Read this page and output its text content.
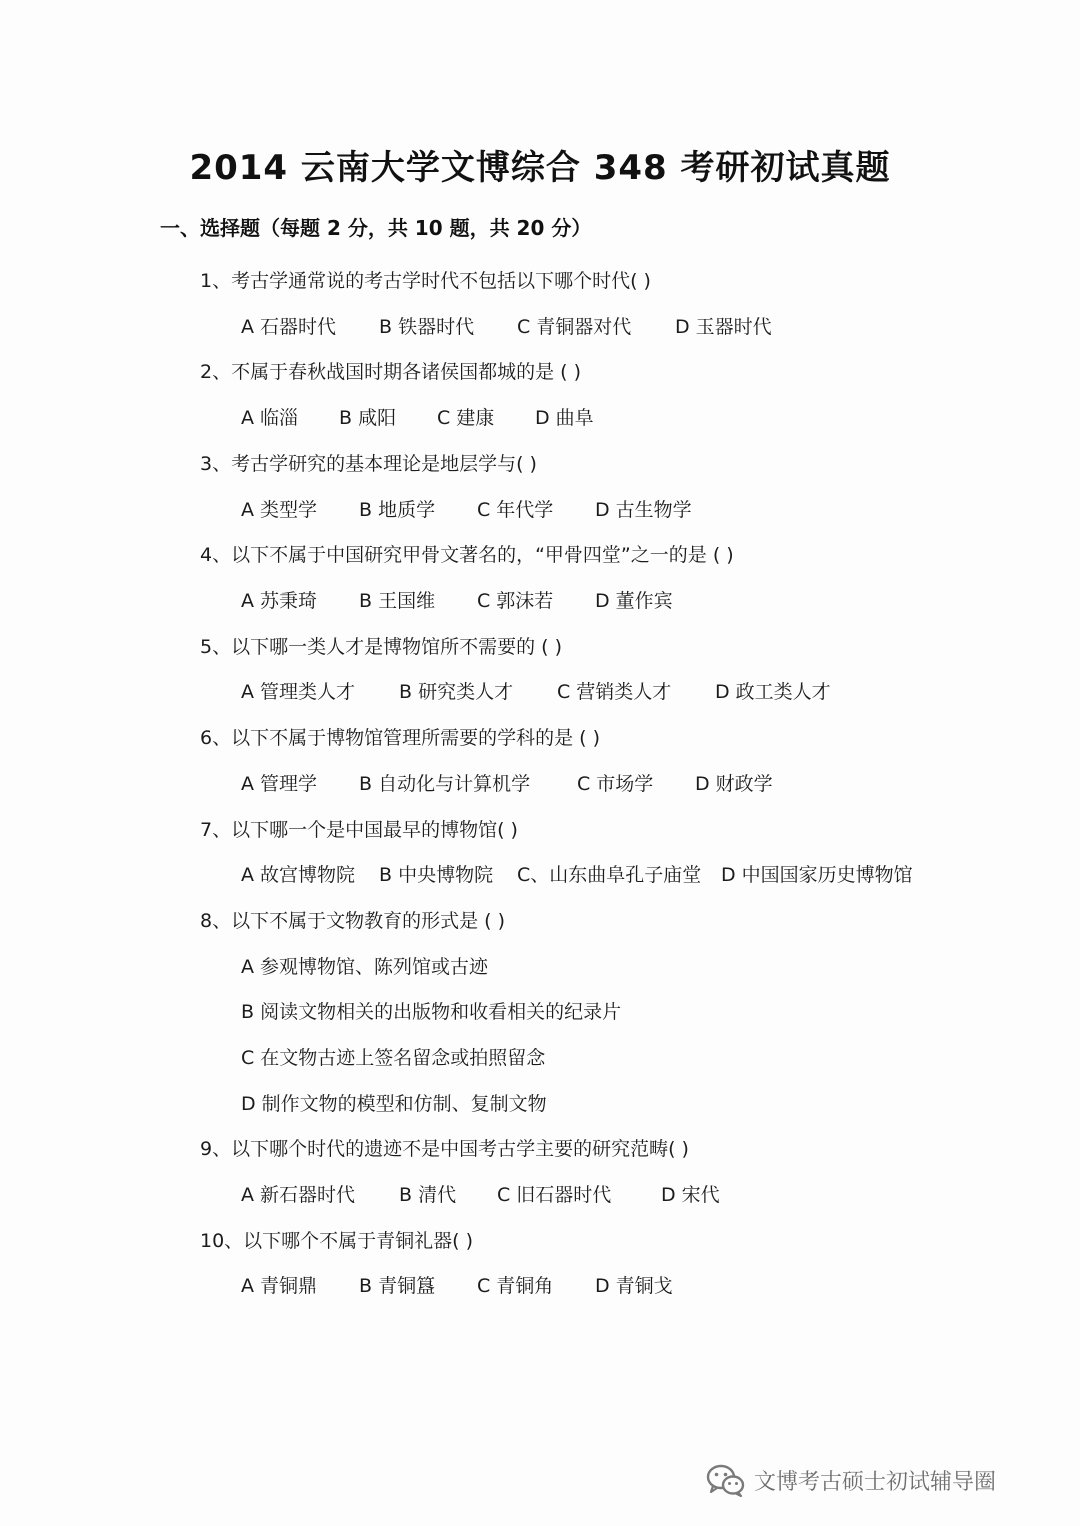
2014 云南大学文博综合 348 考研初试真题
一、选择题（每题 2 分，共 10 题，共 20 分）
1、考古学通常说的考古学时代不包括以下哪个时代( )
A 石器时代 B 铁器时代 C 青铜器对代 D 玉器时代
2、不属于春秋战国时期各诸侯国都城的是 ( )
A 临淄 B 咸阳 C 建康 D 曲阜
3、考古学研究的基本理论是地层学与( )
A 类型学 B 地质学 C 年代学 D 古生物学
4、以下不属于中国研究甲骨文著名的，“甲骨四堂”之一的是 ( )
A 苏秉琦 B 王国维 C 郭沫若 D 董作宾
5、以下哪一类人才是博物馆所不需要的 ( )
A 管理类人才 B 研究类人才 C 营销类人才 D 政工类人才
6、以下不属于博物馆管理所需要的学科的是 ( )
A 管理学 B 自动化与计算机学 C 市场学 D 财政学
7、以下哪一个是中国最早的博物馆( )
A 故宫博物院 B 中央博物院 C、山东曲阜孔子庙堂 D 中国国家历史博物馆
8、以下不属于文物教育的形式是 ( )
A 参观博物馆、陈列馆或古迹
B 阅读文物相关的出版物和收看相关的纪录片
C 在文物古迹上签名留念或拍照留念
D 制作文物的模型和仿制、复制文物
9、以下哪个时代的遗迹不是中国考古学主要的研究范畴( )
A 新石器时代 B 清代 C 旧石器时代	D 宋代
10、以下哪个不属于青铜礼器( )
A 青铜鼎 B 青铜簋 C 青铜角 D 青铜戈
文博考古硕士初试辅导圈
